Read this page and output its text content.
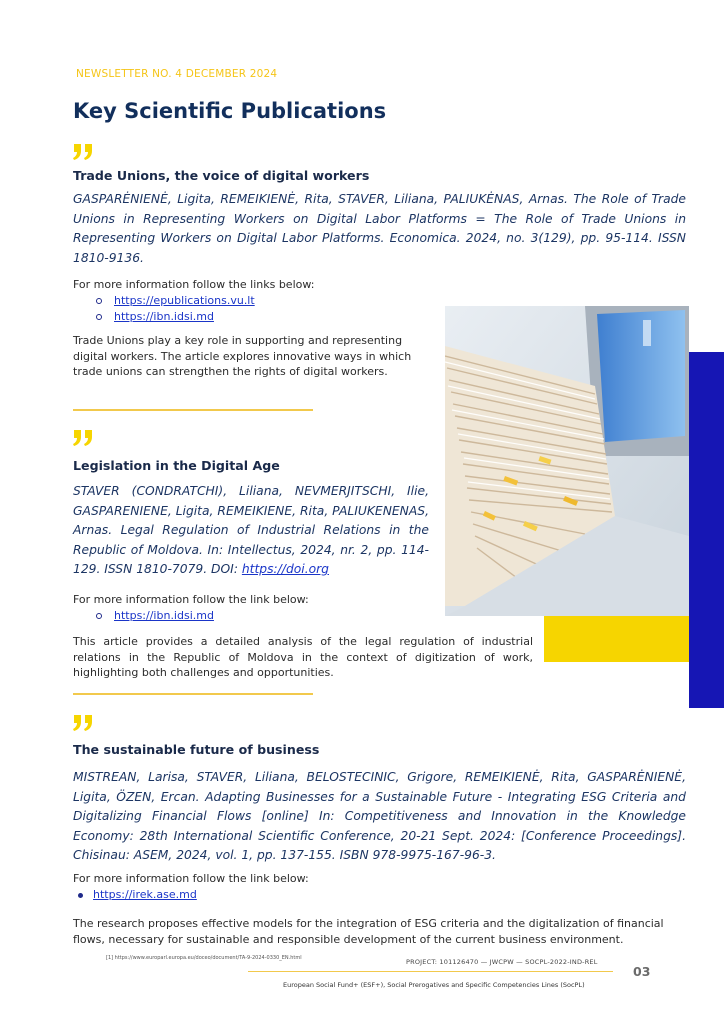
NEWSLETTER NO. 4 DECEMBER 2024
Key Scientific Publications
Trade Unions, the voice of digital workers

GASPARĖNIENĖ, Ligita, REMEIKIENĖ, Rita, STAVER, Liliana, PALIUKĖNAS, Arnas. The Role of Trade Unions in Representing Workers on Digital Labor Platforms = The Role of Trade Unions in Representing Workers on Digital Labor Platforms. Economica. 2024, no. 3(129), pp. 95-114. ISSN 1810-9136.

For more information follow the links below:
https://epublications.vu.lt
https://ibn.idsi.md

Trade Unions play a key role in supporting and representing digital workers. The article explores innovative ways in which trade unions can strengthen the rights of digital workers.

Legislation in the Digital Age

STAVER (CONDRATCHI), Liliana, NEVMERJITSCHI, Ilie, GASPARENIENE, Ligita, REMEIKIENE, Rita, PALIUKENENAS, Arnas. Legal Regulation of Industrial Relations in the Republic of Moldova. In: Intellectus, 2024, nr. 2, pp. 114-129. ISSN 1810-7079. DOI: https://doi.org

For more information follow the link below:
https://ibn.idsi.md

This article provides a detailed analysis of the legal regulation of industrial relations in the Republic of Moldova in the context of digitization of work, highlighting both challenges and opportunities.

The sustainable future of business

MISTREAN, Larisa, STAVER, Liliana, BELOSTECINIC, Grigore, REMEIKIENĖ, Rita, GASPARĖNIENĖ, Ligita, ÖZEN, Ercan. Adapting Businesses for a Sustainable Future - Integrating ESG Criteria and Digitalizing Financial Flows [online] In: Competitiveness and Innovation in the Knowledge Economy: 28th International Scientific Conference, 20-21 Sept. 2024: [Conference Proceedings]. Chisinau: ASEM, 2024, vol. 1, pp. 137-155. ISBN 978-9975-167-96-3.

For more information follow the link below:
https://irek.ase.md

The research proposes effective models for the integration of ESG criteria and the digitalization of financial flows, necessary for sustainable and responsible development of the current business environment.

[1] https://www.europarl.europa.eu/doceo/document/TA-9-2024-0330_EN.html	PROJECT: 101126470 — JWCPW — SOCPL-2022-IND-REL
03
European Social Fund+ (ESF+), Social Prerogatives and Specific Competencies Lines (SocPL)
